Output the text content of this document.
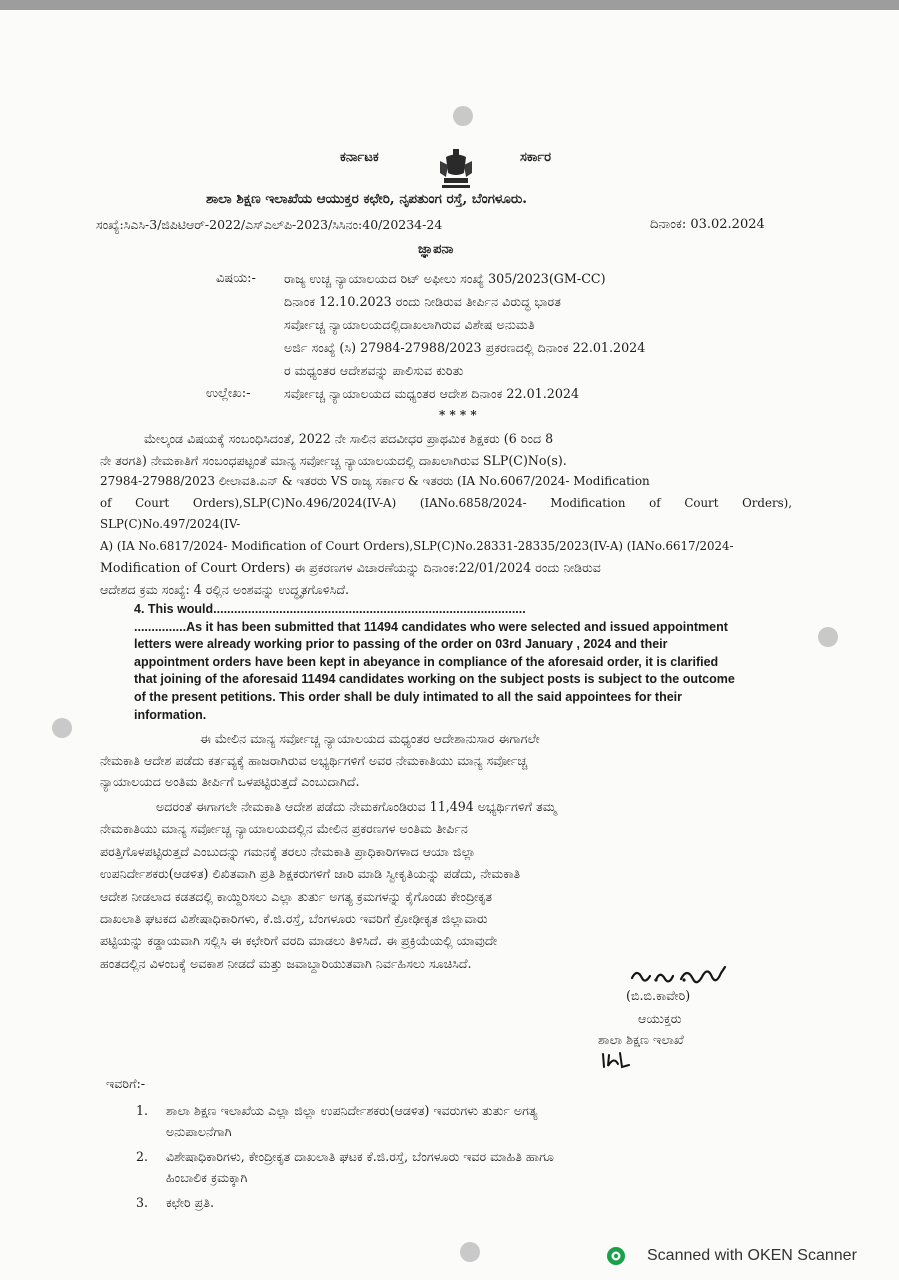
ಕರ್ನಾಟಕ	ಸರ್ಕಾರ
ಶಾಲಾ ಶಿಕ್ಷಣ ಇಲಾಖೆಯ ಆಯುಕ್ತರ ಕಛೇರಿ, ನೃಪತುಂಗ ರಸ್ತೆ, ಬೆಂಗಳೂರು.
ಸಂಖ್ಯೆ:ಸಿಎಸಿ-3/ಜಿಪಿಟಿಆರ್-2022/ಎಸ್ಎಲ್‌ಪಿ-2023/ಸಿಸಿನಂ:40/20234-24	ದಿನಾಂಕ: 03.02.2024
ಜ್ಞಾಪನಾ
ವಿಷಯ:- ರಾಜ್ಯ ಉಚ್ಚ ನ್ಯಾಯಾಲಯದ ರಿಟ್ ಅಫೀಲು ಸಂಖ್ಯೆ 305/2023(GM-CC)
ದಿನಾಂಕ 12.10.2023 ರಂದು ನೀಡಿರುವ ತೀರ್ಪಿನ ವಿರುದ್ಧ ಭಾರತ
ಸರ್ವೋಚ್ಚ ನ್ಯಾಯಾಲಯದಲ್ಲಿದಾಖಲಾಗಿರುವ ವಿಶೇಷ ಅನುಮತಿ
ಅರ್ಜಿ ಸಂಖ್ಯೆ (ಸಿ) 27984-27988/2023 ಪ್ರಕರಣದಲ್ಲಿ ದಿನಾಂಕ 22.01.2024
ರ ಮಧ್ಯಂತರ ಆದೇಶವನ್ನು ಪಾಲಿಸುವ ಕುರಿತು
ಉಲ್ಲೇಖ:-	ಸರ್ವೋಚ್ಚ ನ್ಯಾಯಾಲಯದ ಮಧ್ಯಂತರ ಆದೇಶ ದಿನಾಂಕ 22.01.2024
* * * *
ಮೇಲ್ಕಂಡ ವಿಷಯಕ್ಕೆ ಸಂಬಂಧಿಸಿದಂತೆ, 2022 ನೇ ಸಾಲಿನ ಪದವೀಧರ ಪ್ರಾಥಮಿಕ ಶಿಕ್ಷಕರು (6 ರಿಂದ 8
ನೇ ತರಗತಿ) ನೇಮಕಾತಿಗೆ ಸಂಬಂಧಪಟ್ಟಂತೆ ಮಾನ್ಯ ಸರ್ವೋಚ್ಚ ನ್ಯಾಯಾಲಯದಲ್ಲಿ ದಾಖಲಾಗಿರುವ SLP(C)No(s).
27984-27988/2023 ಲೀಲಾವತಿ.ಎನ್ & ಇತರರು VS ರಾಜ್ಯ ಸರ್ಕಾರ & ಇತರರು (IA No.6067/2024- Modification
of Court Orders),SLP(C)No.496/2024(IV-A) (IANo.6858/2024- Modification of Court Orders), SLP(C)No.497/2024(IV-
A) (IA No.6817/2024- Modification of Court Orders),SLP(C)No.28331-28335/2023(IV-A) (IANo.6617/2024-
Modification of Court Orders) ಈ ಪ್ರಕರಣಗಳ ವಿಚಾರಣೆಯನ್ನು ದಿನಾಂಕ:22/01/2024 ರಂದು ನೀಡಿರುವ
ಆದೇಶದ ಕ್ರಮ ಸಂಖ್ಯೆ: 4 ರಲ್ಲಿನ ಅಂಶವನ್ನು ಉದ್ಧೃತಗೊಳಿಸಿದೆ.
4. This would..........................................................................................
...............As it has been submitted that 11494 candidates who were selected and issued appointment
letters were already working prior to passing of the order on 03rd January , 2024 and their
appointment orders have been kept in abeyance in compliance of the aforesaid order, it is clarified
that joining of the aforesaid 11494 candidates working on the subject posts is subject to the outcome
of the present petitions. This order shall be duly intimated to all the said appointees for their
information.
ಈ ಮೇಲಿನ ಮಾನ್ಯ ಸರ್ವೋಚ್ಚ ನ್ಯಾಯಾಲಯದ ಮಧ್ಯಂತರ ಆದೇಶಾನುಸಾರ ಈಗಾಗಲೇ
ನೇಮಕಾತಿ ಆದೇಶ ಪಡೆದು ಕರ್ತವ್ಯಕ್ಕೆ ಹಾಜರಾಗಿರುವ ಅಭ್ಯರ್ಥಿಗಳಿಗೆ ಅವರ ನೇಮಕಾತಿಯು ಮಾನ್ಯ ಸರ್ವೋಚ್ಚ
ನ್ಯಾಯಾಲಯದ ಅಂತಿಮ ತೀರ್ಪಿಗೆ ಒಳಪಟ್ಟಿರುತ್ತದೆ ಎಂಬುದಾಗಿದೆ.
ಅದರಂತೆ ಈಗಾಗಲೇ ನೇಮಕಾತಿ ಆದೇಶ ಪಡೆದು ನೇಮಕಗೊಂಡಿರುವ 11,494 ಅಭ್ಯರ್ಥಿಗಳಿಗೆ ತಮ್ಮ
ನೇಮಕಾತಿಯು ಮಾನ್ಯ ಸರ್ವೋಚ್ಚ ನ್ಯಾಯಾಲಯದಲ್ಲಿನ ಮೇಲಿನ ಪ್ರಕರಣಗಳ ಅಂತಿಮ ತೀರ್ಪಿನ
ಪರತ್ತಿಗೊಳಪಟ್ಟಿರುತ್ತದೆ ಎಂಬುದನ್ನು ಗಮನಕ್ಕೆ ತರಲು ನೇಮಕಾತಿ ಪ್ರಾಧಿಕಾರಿಗಳಾದ ಆಯಾ ಜಿಲ್ಲಾ
ಉಪನಿರ್ದೇಶಕರು(ಆಡಳಿತ) ಲಿಖಿತವಾಗಿ ಪ್ರತಿ ಶಿಕ್ಷಕರುಗಳಿಗೆ ಜಾರಿ ಮಾಡಿ ಸ್ವೀಕೃತಿಯನ್ನು ಪಡೆದು, ನೇಮಕಾತಿ
ಆದೇಶ ನೀಡಲಾದ ಕಡತದಲ್ಲಿ ಕಾಯ್ದಿರಿಸಲು ಎಲ್ಲಾ ತುರ್ತು ಅಗತ್ಯ ಕ್ರಮಗಳನ್ನು ಕೈಗೊಂಡು ಕೇಂದ್ರೀಕೃತ
ದಾಖಲಾತಿ ಘಟಕದ ವಿಶೇಷಾಧಿಕಾರಿಗಳು, ಕೆ.ಜಿ.ರಸ್ತೆ, ಬೆಂಗಳೂರು ಇವರಿಗೆ ಕ್ರೋಢೀಕೃತ ಜಿಲ್ಲಾವಾರು
ಪಟ್ಟಿಯನ್ನು ಕಡ್ಡಾಯವಾಗಿ ಸಲ್ಲಿಸಿ ಈ ಕಛೇರಿಗೆ ವರದಿ ಮಾಡಲು ತಿಳಿಸಿದೆ. ಈ ಪ್ರಕ್ರಿಯೆಯಲ್ಲಿ ಯಾವುದೇ
ಹಂತದಲ್ಲಿನ ವಿಳಂಬಕ್ಕೆ ಅವಕಾಶ ನೀಡದೆ ಮತ್ತು ಜವಾಬ್ದಾರಿಯುತವಾಗಿ ನಿರ್ವಹಿಸಲು ಸೂಚಿಸಿದೆ.
(ಬಿ.ಬಿ.ಕಾವೇರಿ)
ಆಯುಕ್ತರು
ಶಾಲಾ ಶಿಕ್ಷಣ ಇಲಾಖೆ
ಇವರಿಗೆ:-
1.	ಶಾಲಾ ಶಿಕ್ಷಣ ಇಲಾಖೆಯ ಎಲ್ಲಾ ಜಿಲ್ಲಾ ಉಪನಿರ್ದೇಶಕರು(ಆಡಳಿತ) ಇವರುಗಳು ತುರ್ತು ಅಗತ್ಯ
ಅನುಪಾಲನೆಗಾಗಿ
2.	ವಿಶೇಷಾಧಿಕಾರಿಗಳು, ಕೇಂದ್ರೀಕೃತ ದಾಖಲಾತಿ ಘಟಕ ಕೆ.ಜಿ.ರಸ್ತೆ, ಬೆಂಗಳೂರು ಇವರ ಮಾಹಿತಿ ಹಾಗೂ
ಹಿಂಬಾಲಿಕ ಕ್ರಮಕ್ಕಾಗಿ
3.	ಕಛೇರಿ ಪ್ರತಿ.
Scanned with OKEN Scanner
